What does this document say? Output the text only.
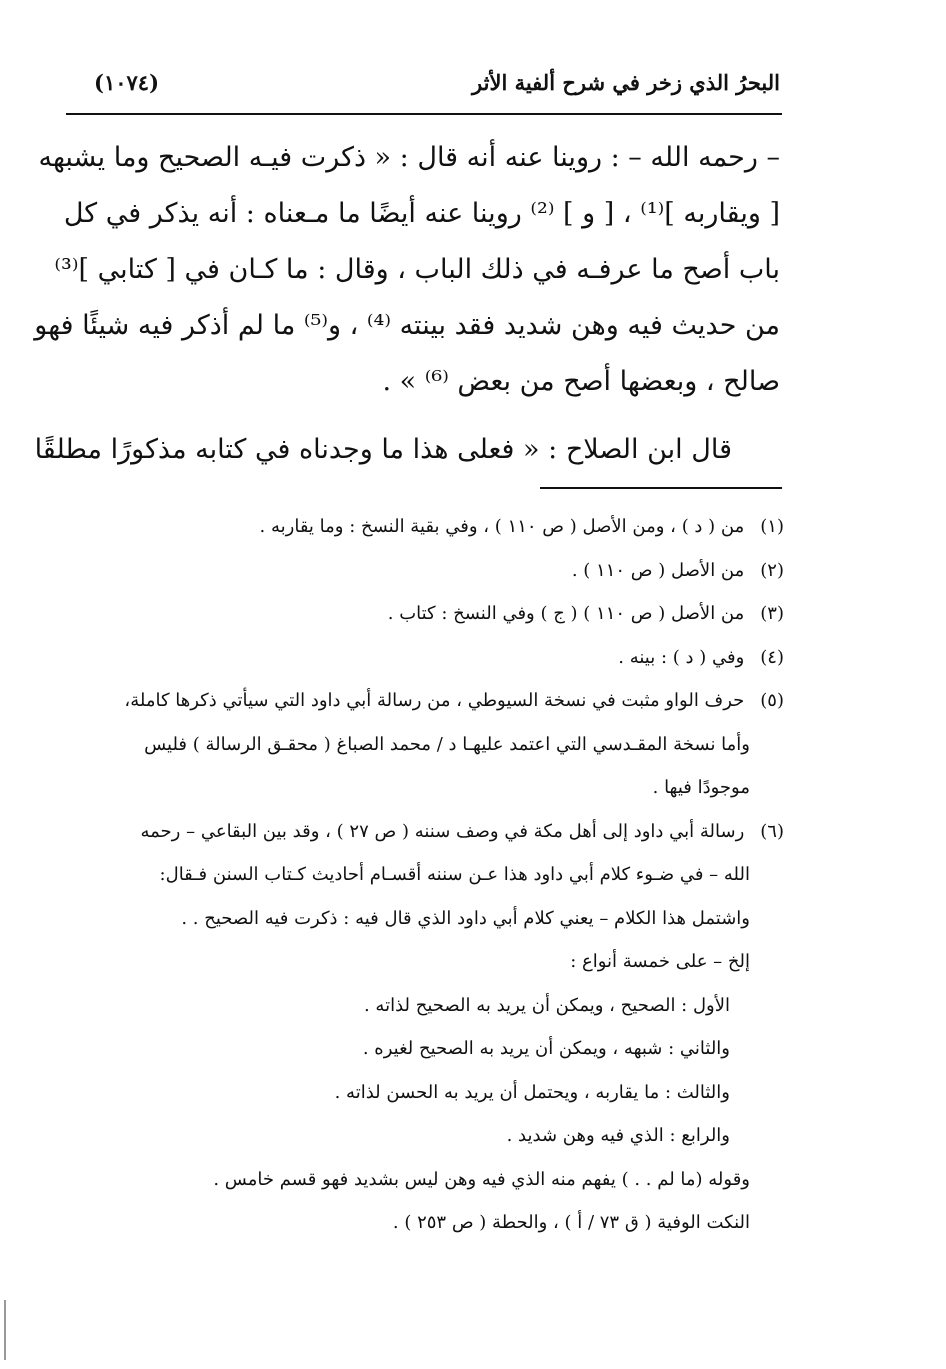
البحرُ الذي زخر في شرح ألفية الأثر
(١٠٧٤)
– رحمه الله – : روينا عنه أنه قال : « ذكرت فيـه الصحيح وما يشبهه
[ ويقاربه ]⁽¹⁾ ، [ و ] ⁽²⁾ روينا عنه أيضًا ما مـعناه : أنه يذكر في كل
باب أصح ما عرفـه في ذلك الباب ، وقال : ما كـان في [ كتابي ]⁽³⁾
من حديث فيه وهن شديد فقد بينته ⁽⁴⁾ ، و⁽⁵⁾ ما لم أذكر فيه شيئًا فهو
صالح ، وبعضها أصح من بعض ⁽⁶⁾ » .
قال ابن الصلاح : « فعلى هذا ما وجدناه في كتابه مذكورًا مطلقًا
(١) من ( د ) ، ومن الأصل ( ص ١١٠ ) ، وفي بقية النسخ : وما يقاربه .
(٢) من الأصل ( ص ١١٠ ) .
(٣) من الأصل ( ص ١١٠ ) ( ج ) وفي النسخ : كتاب .
(٤) وفي ( د ) : بينه .
(٥) حرف الواو مثبت في نسخة السيوطي ، من رسالة أبي داود التي سيأتي ذكرها كاملة،
وأما نسخة المقـدسي التي اعتمد عليهـا د / محمد الصباغ ( محقـق الرسالة ) فليس
موجودًا فيها .
(٦) رسالة أبي داود إلى أهل مكة في وصف سننه ( ص ٢٧ ) ، وقد بين البقاعي – رحمه
الله – في ضـوء كلام أبي داود هذا عـن سننه أقسـام أحاديث كـتاب السنن فـقال:
واشتمل هذا الكلام – يعني كلام أبي داود الذي قال فيه : ذكرت فيه الصحيح . .
إلخ – على خمسة أنواع :
الأول : الصحيح ، ويمكن أن يريد به الصحيح لذاته .
والثاني : شبهه ، ويمكن أن يريد به الصحيح لغيره .
والثالث : ما يقاربه ، ويحتمل أن يريد به الحسن لذاته .
والرابع : الذي فيه وهن شديد .
وقوله (ما لم . . ) يفهم منه الذي فيه وهن ليس بشديد فهو قسم خامس .
النكت الوفية ( ق ٧٣ / أ ) ، والحطة ( ص ٢٥٣ ) .
